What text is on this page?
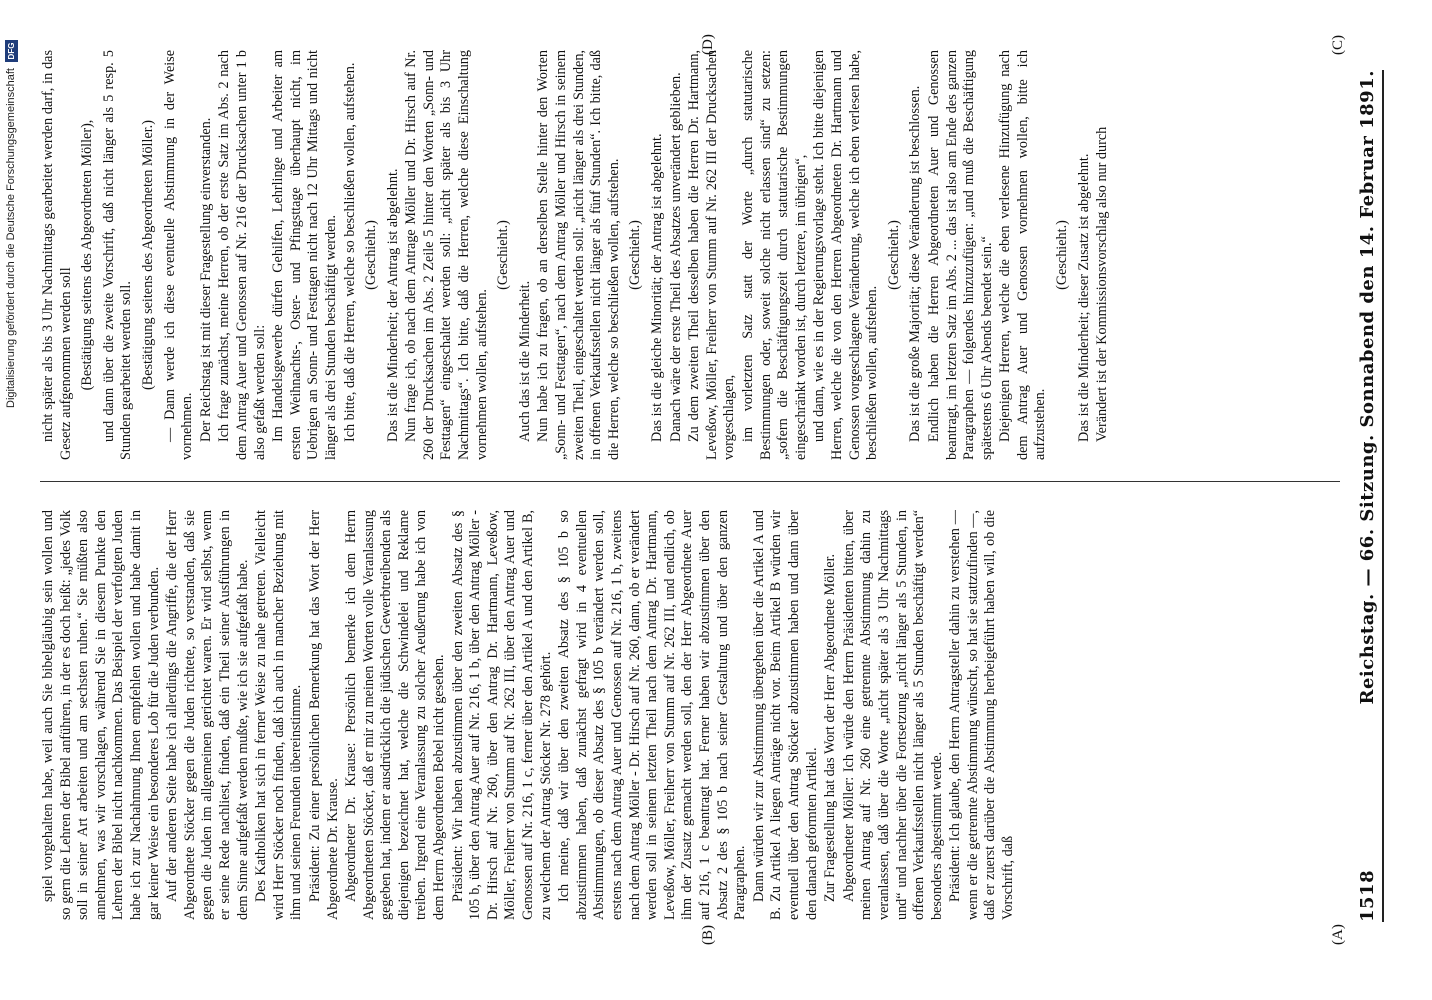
Digitalisierung gefördert durch die Deutsche Forschungsgemeinschaft
DFG
1518
Reichstag. — 66. Sitzung. Sonnabend den 14. Februar 1891.
(A)
(B)
(C)
(D)

spiel vorgehalten habe, weil auch Sie bibelgläubig sein wollen und so gern die Lehren der Bibel anführen, in der es doch heißt: „jedes Volk soll in seiner Art arbeiten und am sechsten ruhen.“ Sie müßten also annehmen, was wir vorschlagen, während Sie in diesem Punkte den Lehren der Bibel nicht nachkommen. Das Beispiel der verfolgten Juden habe ich zur Nachahmung Ihnen empfehlen wollen und habe damit in gar keiner Weise ein besonderes Lob für die Juden verbunden. Auf der anderen Seite habe ich allerdings die Angriffe, die der Herr Abgeordnete Stöcker gegen die Juden richtete, so verstanden, daß sie gegen die Juden im allgemeinen gerichtet waren. Er wird selbst, wenn er seine Rede nachliest, finden, daß ein Theil seiner Ausführungen in dem Sinne aufgefaßt werden mußte, wie ich sie aufgefaßt habe. Des Katholiken hat sich in ferner Weise zu nahe getreten. Vielleicht wird Herr Stöcker noch finden, daß ich auch in mancher Beziehung mit ihm und seinen Freunden übereinstimme. Präsident: Zu einer persönlichen Bemerkung hat das Wort der Herr Abgeordnete Dr. Krause. Abgeordneter Dr. Krause: Persönlich bemerke ich dem Herrn Abgeordneten Stöcker, daß er mir zu meinen Worten volle Veranlassung gegeben hat, indem er ausdrücklich die jüdischen Gewerbtreibenden als diejenigen bezeichnet hat, welche die Schwindelei und Reklame treiben. Irgend eine Veranlassung zu solcher Aeußerung habe ich von dem Herrn Abgeordneten Bebel nicht gesehen. Präsident: Wir haben abzustimmen über den zweiten Absatz des § 105 b, über den Antrag Auer auf Nr. 216, 1 b, über den Antrag Möller - Dr. Hirsch auf Nr. 260, über den Antrag Dr. Hartmann, Leveßow, Möller, Freiherr von Stumm auf Nr. 262 III, über den Antrag Auer und Genossen auf Nr. 216, 1 c, ferner über den Artikel A und den Artikel B, zu welchem der Antrag Stöcker Nr. 278 gehört. Ich meine, daß wir über den zweiten Absatz des § 105 b so abzustimmen haben, daß zunächst gefragt wird in 4 eventuellen Abstimmungen, ob dieser Absatz des § 105 b verändert werden soll, erstens nach dem Antrag Auer und Genossen auf Nr. 216, 1 b, zweitens nach dem Antrag Möller - Dr. Hirsch auf Nr. 260, dann, ob er verändert werden soll in seinem letzten Theil nach dem Antrag Dr. Hartmann, Leveßow, Möller, Freiherr von Stumm auf Nr. 262 III, und endlich, ob ihm der Zusatz gemacht werden soll, den der Herr Abgeordnete Auer auf 216, 1 c beantragt hat. Ferner haben wir abzustimmen über den Absatz 2 des § 105 b nach seiner Gestaltung und über den ganzen Paragraphen. Dann würden wir zur Abstimmung übergehen über die Artikel A und B. Zu Artikel A liegen Anträge nicht vor. Beim Artikel B würden wir eventuell über den Antrag Stöcker abzustimmen haben und dann über den danach geformten Artikel. Zur Fragestellung hat das Wort der Herr Abgeordnete Möller. Abgeordneter Möller: Ich würde den Herrn Präsidenten bitten, über meinen Antrag auf Nr. 260 eine getrennte Abstimmung dahin zu veranlassen, daß über die Worte „nicht später als 3 Uhr Nachmittags und“ und nachher über die Fortsetzung „nicht länger als 5 Stunden, in offenen Verkaufsstellen nicht länger als 5 Stunden beschäftigt werden“ besonders abgestimmt werde. Präsident: Ich glaube, den Herrn Antragsteller dahin zu verstehen — wenn er die getrennte Abstimmung wünscht, so hat sie stattzufinden —, daß er zuerst darüber die Abstimmung herbeigeführt haben will, ob die Vorschrift, daß

nicht später als bis 3 Uhr Nachmittags gearbeitet werden darf, in das Gesetz aufgenommen werden soll (Bestätigung seitens des Abgeordneten Möller), und dann über die zweite Vorschrift, daß nicht länger als 5 resp. 5 Stunden gearbeitet werden soll. (Bestätigung seitens des Abgeordneten Möller.) — Dann werde ich diese eventuelle Abstimmung in der Weise vornehmen. Der Reichstag ist mit dieser Fragestellung einverstanden. Ich frage zunächst, meine Herren, ob der erste Satz im Abs. 2 nach dem Antrag Auer und Genossen auf Nr. 216 der Drucksachen unter 1 b also gefaßt werden soll: Im Handelsgewerbe dürfen Gehilfen, Lehrlinge und Arbeiter am ersten Weihnachts-, Oster- und Pfingsttage überhaupt nicht, im Uebrigen an Sonn- und Festtagen nicht nach 12 Uhr Mittags und nicht länger als drei Stunden beschäftigt werden. Ich bitte, daß die Herren, welche so beschließen wollen, aufstehen. (Geschieht.) Das ist die Minderheit; der Antrag ist abgelehnt. Nun frage ich, ob nach dem Antrage Möller und Dr. Hirsch auf Nr. 260 der Drucksachen im Abs. 2 Zeile 5 hinter den Worten „Sonn- und Festtagen“ eingeschaltet werden soll: „nicht später als bis 3 Uhr Nachmittags“. Ich bitte, daß die Herren, welche diese Einschaltung vornehmen wollen, aufstehen.

(Geschieht.)

Auch das ist die Minderheit. Nun habe ich zu fragen, ob an derselben Stelle hinter den Worten „Sonn- und Festtagen“, nach dem Antrag Möller und Hirsch in seinem zweiten Theil, eingeschaltet werden soll: „nicht länger als drei Stunden, in offenen Verkaufsstellen nicht länger als fünf Stunden“. Ich bitte, daß die Herren, welche so beschließen wollen, aufstehen. (Geschieht.) Das ist die gleiche Minorität; der Antrag ist abgelehnt. Danach wäre der erste Theil des Absatzes unverändert geblieben. Zu dem zweiten Theil desselben haben die Herren Dr. Hartmann, Leveßow, Möller, Freiherr von Stumm auf Nr. 262 III der Drucksachen vorgeschlagen, im vorletzten Satz statt der Worte „durch statutarische Bestimmungen oder, soweit solche nicht erlassen sind“ zu setzen: „sofern die Beschäftigungszeit durch statutarische Bestimmungen eingeschränkt worden ist, durch letztere, im übrigen“, und dann, wie es in der Regierungsvorlage steht. Ich bitte diejenigen Herren, welche die von den Herren Abgeordneten Dr. Hartmann und Genossen vorgeschlagene Veränderung, welche ich eben verlesen habe, beschließen wollen, aufstehen.

(Geschieht.) Das ist die große Majorität; diese Veränderung ist beschlossen. Endlich haben die Herren Abgeordneten Auer und Genossen beantragt, im letzten Satz im Abs. 2 ... das ist also am Ende des ganzen Paragraphen — folgendes hinzuzufügen: „und muß die Beschäftigung spätestens 6 Uhr Abends beendet sein.“ Diejenigen Herren, welche die eben verlesene Hinzufügung nach dem Antrag Auer und Genossen vornehmen wollen, bitte ich aufzustehen.

(Geschieht.) Das ist die Minderheit; dieser Zusatz ist abgelehnt. Verändert ist der Kommissionsvorschlag also nur durch
